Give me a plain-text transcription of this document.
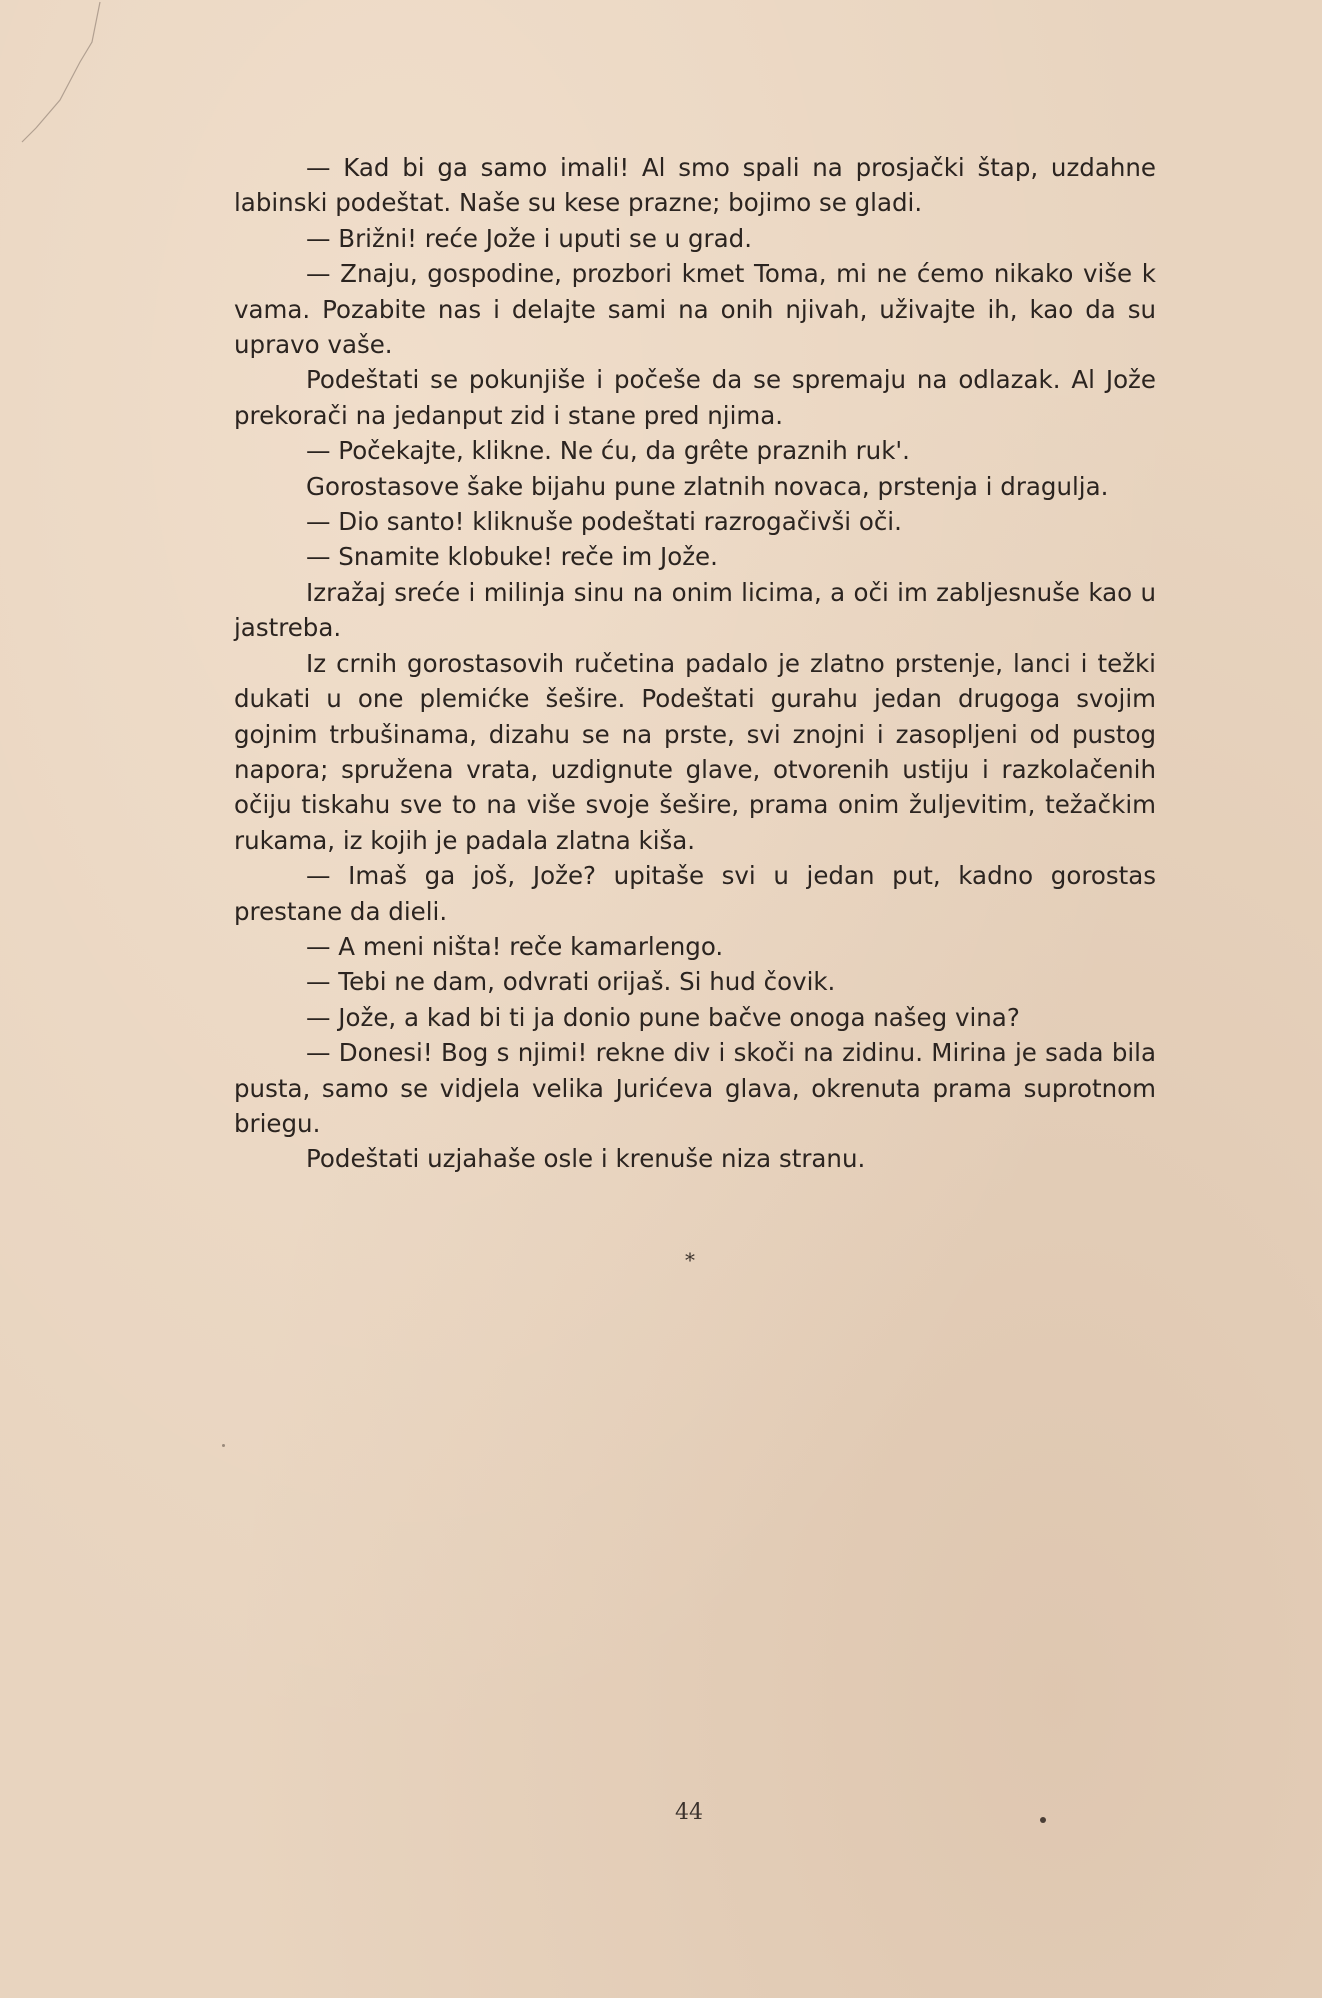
— Kad bi ga samo imali! Al smo spali na prosjački štap, uzdahne labinski podeštat. Naše su kese prazne; bojimo se gladi.

— Brižni! reće Jože i uputi se u grad.

— Znaju, gospodine, prozbori kmet Toma, mi ne ćemo nikako više k vama. Pozabite nas i delajte sami na onih njivah, uživajte ih, kao da su upravo vaše.

Podeštati se pokunjiše i počeše da se spremaju na odlazak. Al Jože prekorači na jedanput zid i stane pred njima.

— Počekajte, klikne. Ne ću, da grête praznih ruk'.

Gorostasove šake bijahu pune zlatnih novaca, prstenja i dragulja.

— Dio santo! kliknuše podeštati razrogačivši oči.

— Snamite klobuke! reče im Jože.

Izražaj sreće i milinja sinu na onim licima, a oči im zabljesnuše kao u jastreba.

Iz crnih gorostasovih ručetina padalo je zlatno prstenje, lanci i težki dukati u one plemićke šešire. Podeštati gurahu jedan drugoga svojim gojnim trbušinama, dizahu se na prste, svi znojni i zasopljeni od pustog napora; spružena vrata, uzdignute glave, otvorenih ustiju i razkolačenih očiju tiskahu sve to na više svoje šešire, prama onim žuljevitim, težačkim rukama, iz kojih je padala zlatna kiša.

— Imaš ga još, Jože? upitaše svi u jedan put, kadno gorostas prestane da dieli.

— A meni ništa! reče kamarlengo.

— Tebi ne dam, odvrati orijaš. Si hud čovik.

— Jože, a kad bi ti ja donio pune bačve onoga našeg vina?

— Donesi! Bog s njimi! rekne div i skoči na zidinu. Mirina je sada bila pusta, samo se vidjela velika Jurićeva glava, okrenuta prama suprotnom briegu.

Podeštati uzjahaše osle i krenuše niza stranu.

*
44
